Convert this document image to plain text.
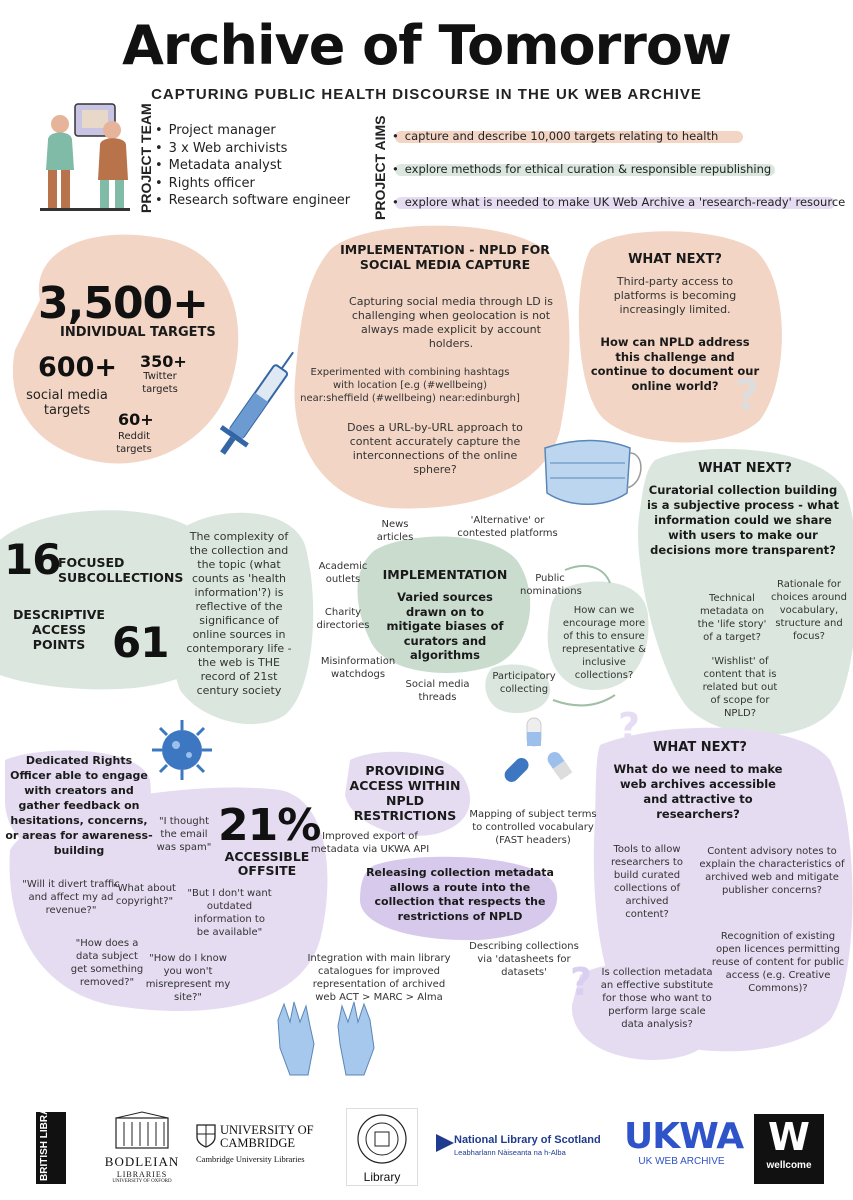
Archive of Tomorrow
CAPTURING PUBLIC HEALTH DISCOURSE IN THE UK WEB ARCHIVE
PROJECT TEAM	• Project manager
• 3 x Web archivists
• Metadata analyst
• Rights officer
• Research software engineer PROJECT AIMS	• capture and describe 10,000 targets relating to health
• explore methods for ethical curation & responsible republishing
• explore what is needed to make UK Web Archive a 'research-ready' resource
3,500+
INDIVIDUAL TARGETS
600+
social media targets
350+
Twitter targets
60+
Reddit targets
IMPLEMENTATION - NPLD FOR SOCIAL MEDIA CAPTURE
Capturing social media through LD is challenging when geolocation is not always made explicit by account holders.
Experimented with combining hashtags with location [e.g (#wellbeing) near:sheffield (#wellbeing) near:edinburgh]
Does a URL-by-URL approach to content accurately capture the interconnections of the online sphere?
WHAT NEXT?
Third-party access to platforms is becoming increasingly limited.
How can NPLD address this challenge and continue to document our online world? ?
16
FOCUSED SUBCOLLECTIONS
DESCRIPTIVE ACCESS POINTS 61
The complexity of the collection and the topic (what counts as 'health information'?) is reflective of the significance of online sources in contemporary life - the web is THE record of 21st century society
News articles
'Alternative' or contested platforms
Academic outlets
Charity directories
Misinformation watchdogs
Social media threads
Public nominations
Participatory collecting
IMPLEMENTATION
Varied sources drawn on to mitigate biases of curators and algorithms
How can we encourage more of this to ensure representative & inclusive collections?
WHAT NEXT?
Curatorial collection building is a subjective process - what information could we share with users to make our decisions more transparent?
Technical metadata on the 'life story' of a target?
Rationale for choices around vocabulary, structure and focus?
'Wishlist' of content that is related but out of scope for NPLD?
Dedicated Rights Officer able to engage with creators and gather feedback on hesitations, concerns, or areas for awareness-building	21%
ACCESSIBLE OFFSITE
"I thought the email was spam"
"Will it divert traffic and affect my ad revenue?"
"What about copyright?"
"But I don't want outdated information to be available"
"How does a data subject get something removed?"
"How do I know you won't misrepresent my site?"
PROVIDING ACCESS WITHIN NPLD RESTRICTIONS
Improved export of metadata via UKWA API
Mapping of subject terms to controlled vocabulary (FAST headers)
Releasing collection metadata allows a route into the collection that respects the restrictions of NPLD
Integration with main library catalogues for improved representation of archived web ACT > MARC > Alma
Describing collections via 'datasheets for datasets'
WHAT NEXT?
What do we need to make web archives accessible and attractive to researchers?
Tools to allow researchers to build curated collections of archived content?
Content advisory notes to explain the characteristics of archived web and mitigate publisher concerns?
Recognition of existing open licences permitting reuse of content for public access (e.g. Creative Commons)?
Is collection metadata an effective substitute for those who want to perform large scale data analysis?
?
?
BRITISH LIBRARY	BODLEIAN
LIBRARIES
UNIVERSITY OF OXFORD
UNIVERSITY OF CAMBRIDGE
Cambridge University Libraries
Library
National Library of Scotland
Leabharlann Nàiseanta na h-Alba UKWA
UK WEB ARCHIVE
W
wellcome
